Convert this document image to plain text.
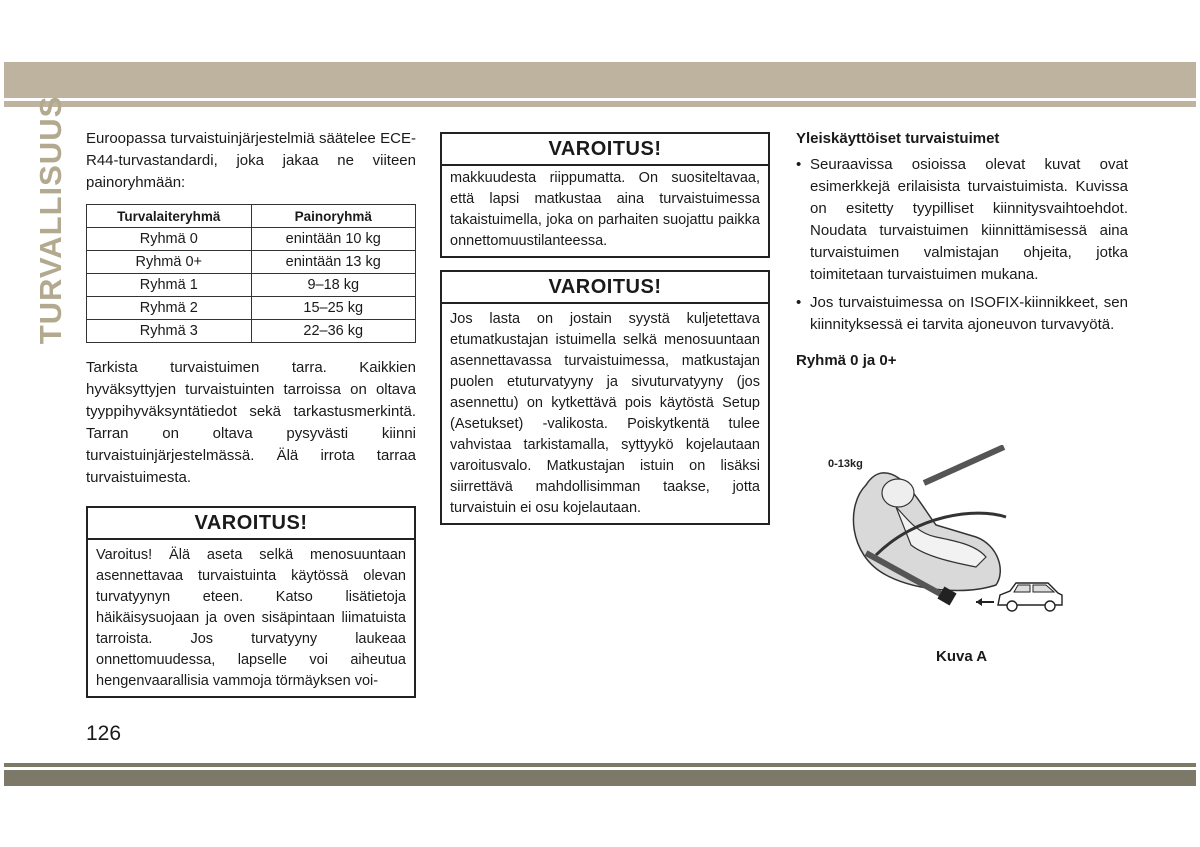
TURVALLISUUS Euroopassa turvaistuinjärjestelmiä säätelee ECE-R44-turvastandardi, joka jakaa ne viiteen painoryhmään:

Turvalaiteryhmä	Painoryhmä
Ryhmä 0	enintään 10 kg
Ryhmä 0+	enintään 13 kg
Ryhmä 1	9–18 kg
Ryhmä 2	15–25 kg
Ryhmä 3	22–36 kg

Tarkista turvaistuimen tarra. Kaikkien hyväksyttyjen turvaistuinten tarroissa on oltava tyyppihyväksyntätiedot sekä tarkastusmerkintä. Tarran on oltava pysyvästi kiinni turvaistuinjärjestelmässä. Älä irrota tarraa turvaistuimesta.

VAROITUS!
Varoitus! Älä aseta selkä menosuuntaan asennettavaa turvaistuinta käytössä olevan turvatyynyn eteen. Katso lisätietoja häikäisysuojaan ja oven sisäpintaan liimatuista tarroista. Jos turvatyyny laukeaa onnettomuudessa, lapselle voi aiheutua hengenvaarallisia vammoja törmäyksen voi-
VAROITUS!
makkuudesta riippumatta. On suositeltavaa, että lapsi matkustaa aina turvaistuimessa takaistuimella, joka on parhaiten suojattu paikka onnettomuustilanteessa.
VAROITUS!
Jos lasta on jostain syystä kuljetettava etumatkustajan istuimella selkä menosuuntaan asennettavassa turvaistuimessa, matkustajan puolen etuturvatyyny ja sivuturvatyyny (jos asennettu) on kytkettävä pois käytöstä Setup (Asetukset) -valikosta. Poiskytkentä tulee vahvistaa tarkistamalla, syttyykö kojelautaan varoitusvalo. Matkustajan istuin on lisäksi siirrettävä mahdollisimman taakse, jotta turvaistuin ei osu kojelautaan.
Yleiskäyttöiset turvaistuimet
• Seuraavissa osioissa olevat kuvat ovat esimerkkejä erilaisista turvaistuimista. Kuvissa on esitetty tyypilliset kiinnitysvaihtoehdot. Noudata turvaistuimen kiinnittämisessä aina turvaistuimen valmistajan ohjeita, jotka toimitetaan turvaistuimen mukana.
• Jos turvaistuimessa on ISOFIX-kiinnikkeet, sen kiinnityksessä ei tarvita ajoneuvon turvavyötä.
Ryhmä 0 ja 0+
0-13kg
Kuva A
126
